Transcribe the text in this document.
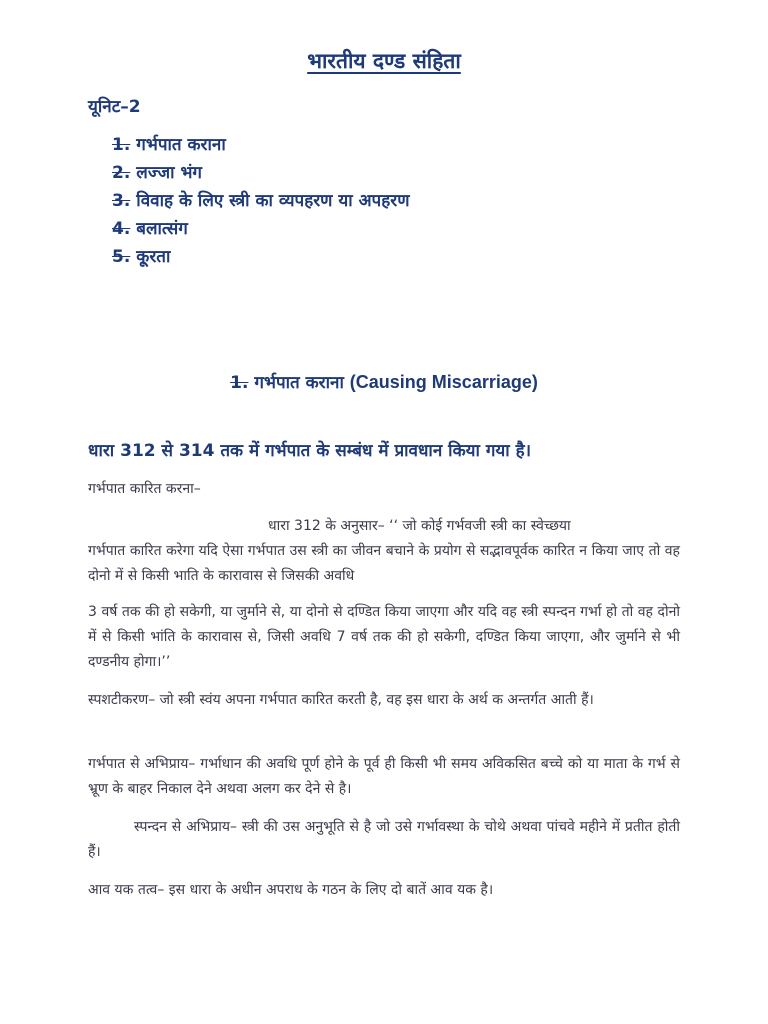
भारतीय दण्ड संहिता
यूनिट–2
1. गर्भपात कराना
2. लज्जा भंग
3. विवाह के लिए स्त्री का व्यपहरण या अपहरण
4. बलात्संग
5. कू्रता
1. गर्भपात कराना (Causing Miscarriage)
धारा 312 से 314 तक में गर्भपात के सम्बंध में प्रावधान किया गया है।
गर्भपात कारित करना–
धारा 312 के अनुसार– ‘‘ जो कोई गर्भवजी स्त्री का स्वेच्छया
गर्भपात कारित करेगा यदि ऐसा गर्भपात उस स्त्री का जीवन बचाने के प्रयोग से सद्भावपूर्वक कारित न किया जाए तो वह दोनो में से किसी भाति के कारावास से जिसकी अवधि
3 वर्ष तक की हो सकेगी, या जुर्माने से, या दोनो से दण्डित किया जाएगा और यदि वह स्त्री स्पन्दन गर्भा हो तो वह दोनो में से किसी भांति के कारावास से, जिसी अवधि 7 वर्ष तक की हो सकेगी, दण्डित किया जाएगा, और जुर्माने से भी दण्डनीय होगा।’’
स्पशटीकरण– जो स्त्री स्वंय अपना गर्भपात कारित करती है, वह इस धारा के अर्थ क अन्तर्गत आती हैं।
गर्भपात से अभिप्राय– गर्भाधान की अवधि पूर्ण होने के पूर्व ही किसी भी समय अविकसित बच्चे को या माता के गर्भ से भ्रूण के बाहर निकाल देने अथवा अलग कर देने से है।
स्पन्दन से अभिप्राय– स्त्री की उस अनुभूति से है जो उसे गर्भावस्था के चोथे अथवा पांचवे महीने में प्रतीत होती हैं।
आव यक तत्व– इस धारा के अधीन अपराध के गठन के लिए दो बातें आव यक है।
